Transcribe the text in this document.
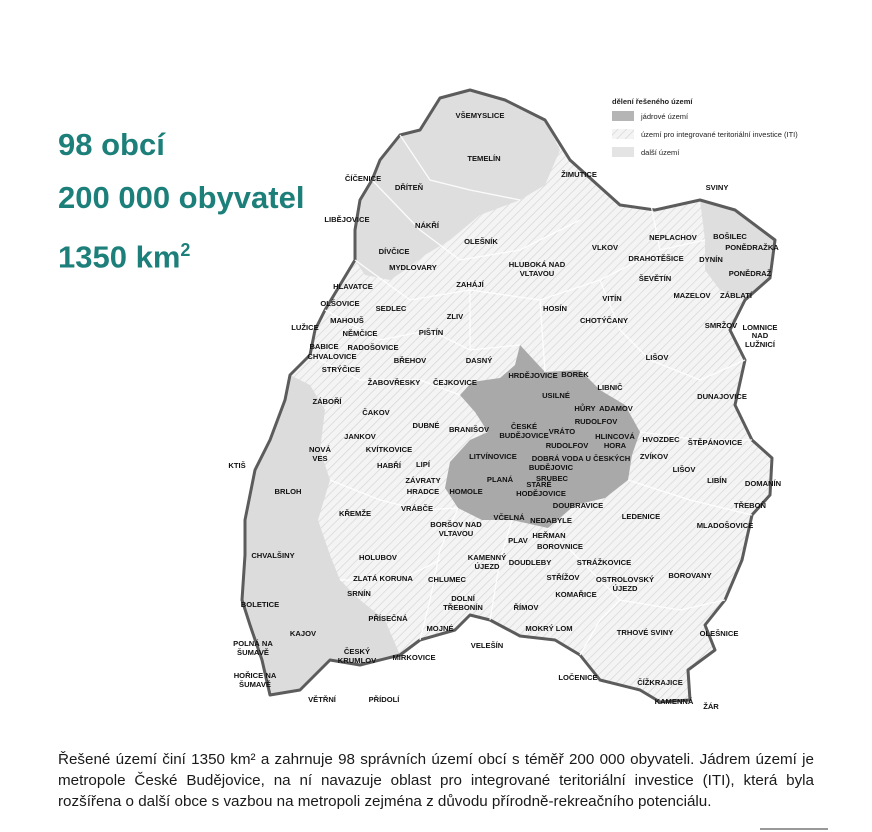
98 obcí
200 000 obyvatel
1350 $km^2$
dělení řešeného území
jádrové území
území pro integrované teritoriální investice (ITI)
další území
VŠEMYSLICE
TEMELÍN
ČÍČENICE
DŘÍTEŇ
ŽIMUTICE
SVINY
LIBĚJOVICE
NÁKŘÍ
NEPLACHOV BOŠILEC
PONĚDRAŽKA
DÍVČICE
OLEŠNÍK
HLUBOKÁ NAD
VLTAVOU
VLKOV
DRAHOTĚŠICE DYNÍN
PONĚDRAŽ
MYDLOVARY
ZAHÁJÍ
ŠEVĚTÍN
HLAVATCE
MAZELOV ZÁBLATÍ
OLŠOVICE
SEDLEC	HOSÍN
VITÍN
MAHOUŠ	ZLIV	CHOTÝČANY
SMRŽOV LOMNICE
NAD
LUŽNICÍ
LUŽICE
NĚMČICE	PIŠTÍN
BABICE RADOŠOVICE
CHVALOVICE	BŘEHOV	DASNÝ	LIŠOV
STRÝČICE
HRDĚJOVICE BOREK
ŽABOVŘESKY ČEJKOVICE
LIBNIČ
DUNAJOVICE
ZÁBOŘÍ
USILNÉ
HŮRY ADAMOV
ČAKOV
DUBNÉ	ČESKÉ
RUDOLFOV
BRANIŠOV
BUDĚJOVICE VRÁTO
HLINCOVÁ
HORA
HVOZDEC
JANKOV
ŠTĚPÁNOVICE
NOVÁ
VES
KVÍTKOVICE	RUDOLFOV
LITVÍNOVICE	ZVÍKOV
DOBRÁ VODA U ČESKÝCH
BUDĚJOVIC	LIŠOV
KTIŠ	HABŘÍ LIPÍ
SRUBEC
ZÁVRATY	PLANÁ	LIBÍN DOMANÍN
STARÉ
HODĚJOVICE
HRADCE HOMOLE
BRLOH
DOUBRAVICE	TŘEBOŇ
KŘEMŽE
VRÁBČE
VČELNÁ NEDABYLE	LEDENICE
MLADOŠOVICE
BORŠOV NAD
VLTAVOU
PLAV
HEŘMAN
CHVALŠINY
BOROVNICE
HOLUBOV	KAMENNÝ
ÚJEZD DOUDLEBY	STRÁŽKOVICE
ZLATÁ KORUNA CHLUMEC	STŘÍŽOV OSTROLOVSKÝ BOROVANY
SRNÍN	KOMAŘICE
ÚJEZD
BOLETICE
DOLNÍ
TŘEBONÍN	ŘÍMOV
PŘÍSEČNÁ
KAJOV
MOJNÉ	MOKRÝ LOM	TRHOVÉ SVINY	OLEŠNICE
POLNÁ NA
ŠUMAVĚ	ČESKÝ
KRUMLOV
VELEŠÍN
MIRKOVICE
HOŘICE NA
ŠUMAVĚ
LOČENICE
ČÍŽKRAJICE
VĚTŘNÍ	PŘÍDOLÍ	KAMENNÁ
ŽÁR

Řešené území činí 1350 km² a zahrnuje 98 správních území obcí s téměř 200 000 obyvateli. Jádrem území je metropole České Budějovice, na ní navazuje oblast pro integrované teritoriální investice (ITI), která byla rozšířena o další obce s vazbou na metropoli zejména z důvodu přírodně-rekreačního potenciálu.
